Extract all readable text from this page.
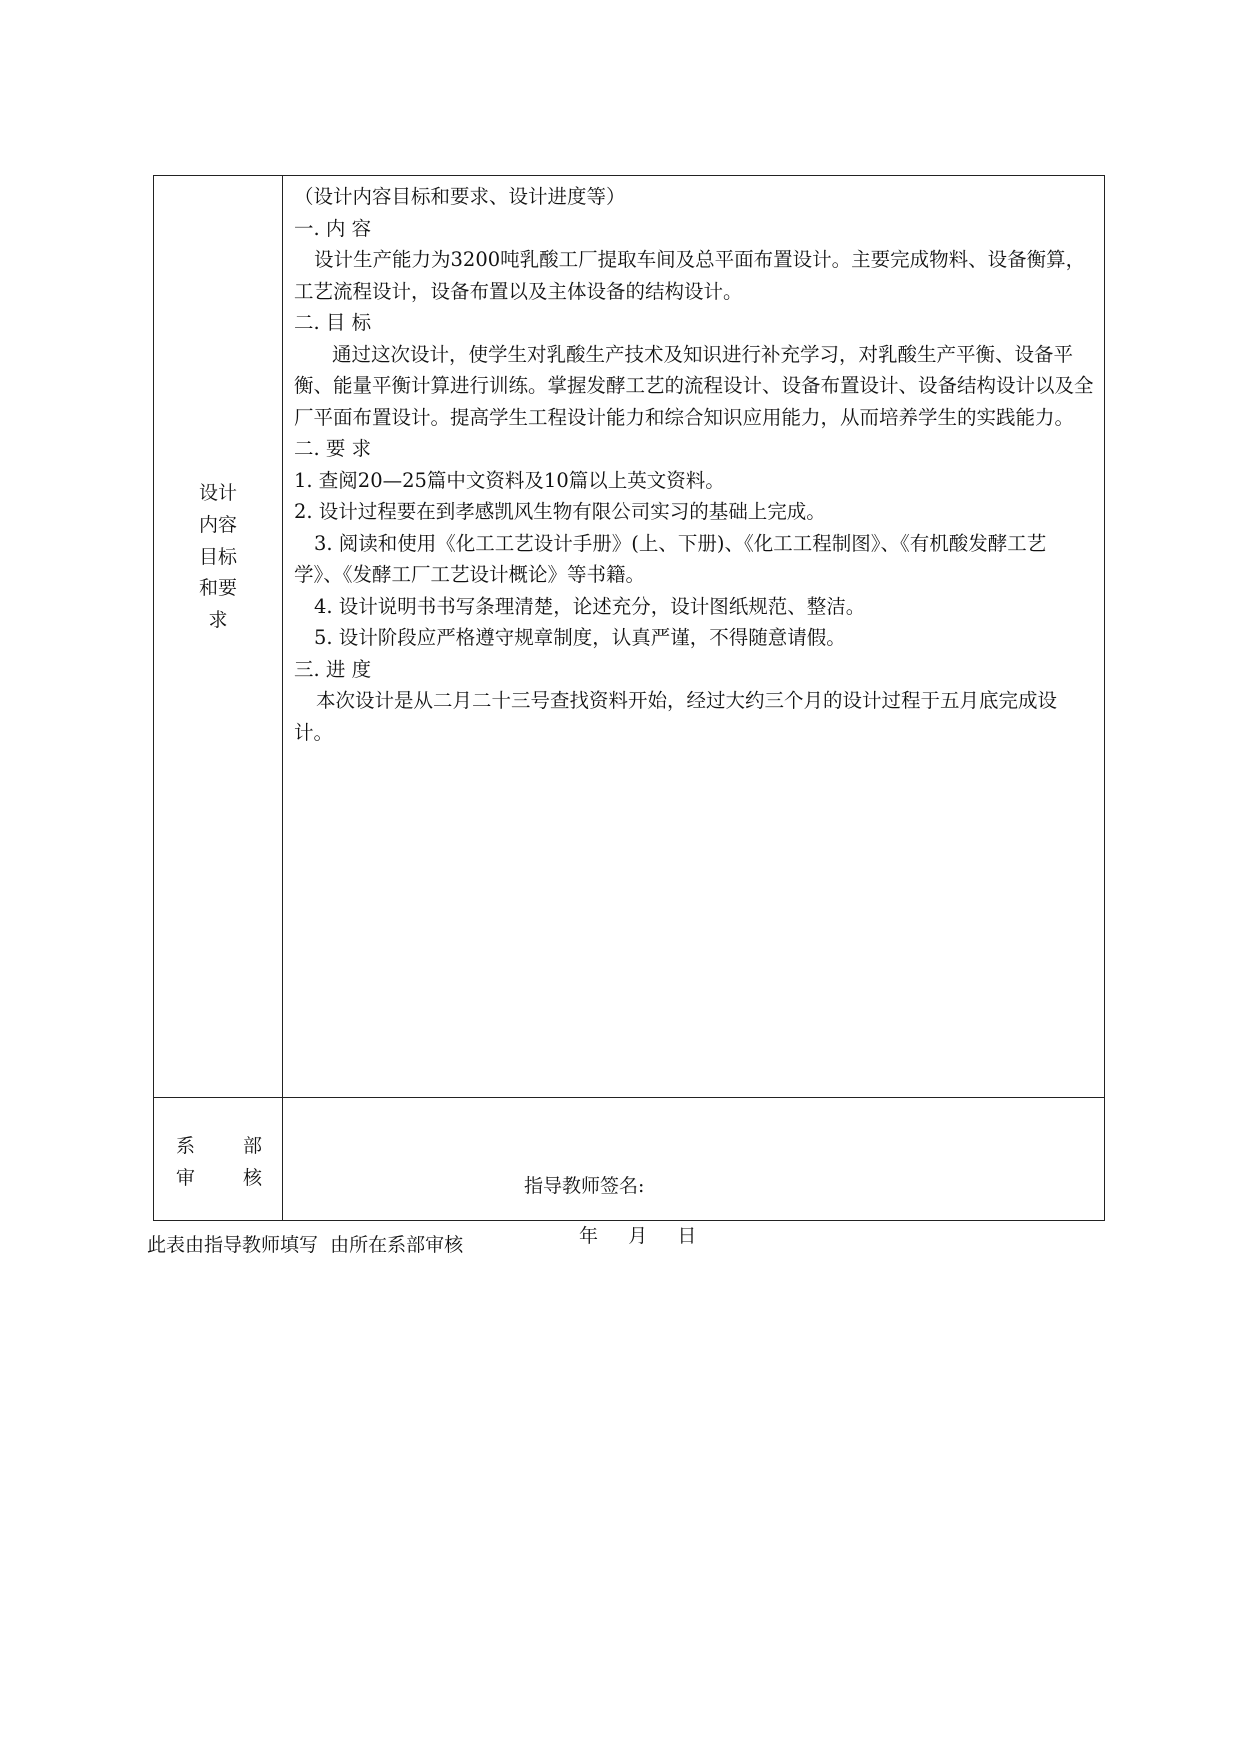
设计内容目标和要求

（设计内容目标和要求、设计进度等）

一. 内 容

设计生产能力为3200吨乳酸工厂提取车间及总平面布置设计。主要完成物料、设备衡算，工艺流程设计，设备布置以及主体设备的结构设计。

二. 目 标

通过这次设计，使学生对乳酸生产技术及知识进行补充学习，对乳酸生产平衡、设备平衡、能量平衡计算进行训练。掌握发酵工艺的流程设计、设备布置设计、设备结构设计以及全厂平面布置设计。提高学生工程设计能力和综合知识应用能力，从而培养学生的实践能力。

二. 要 求

1. 查阅20—25篇中文资料及10篇以上英文资料。

2. 设计过程要在到孝感凯风生物有限公司实习的基础上完成。

3. 阅读和使用《化工工艺设计手册》(上、下册)、《化工工程制图》、《有机酸发酵工艺学》、《发酵工厂工艺设计概论》等书籍。

4. 设计说明书书写条理清楚，论述充分，设计图纸规范、整洁。

5. 设计阶段应严格遵守规章制度，认真严谨，不得随意请假。

三. 进 度

本次设计是从二月二十三号查找资料开始，经过大约三个月的设计过程于五月底完成设计。

指导教师签名:
年     月     日
系	部
审	核
此表由指导教师填写  由所在系部审核
